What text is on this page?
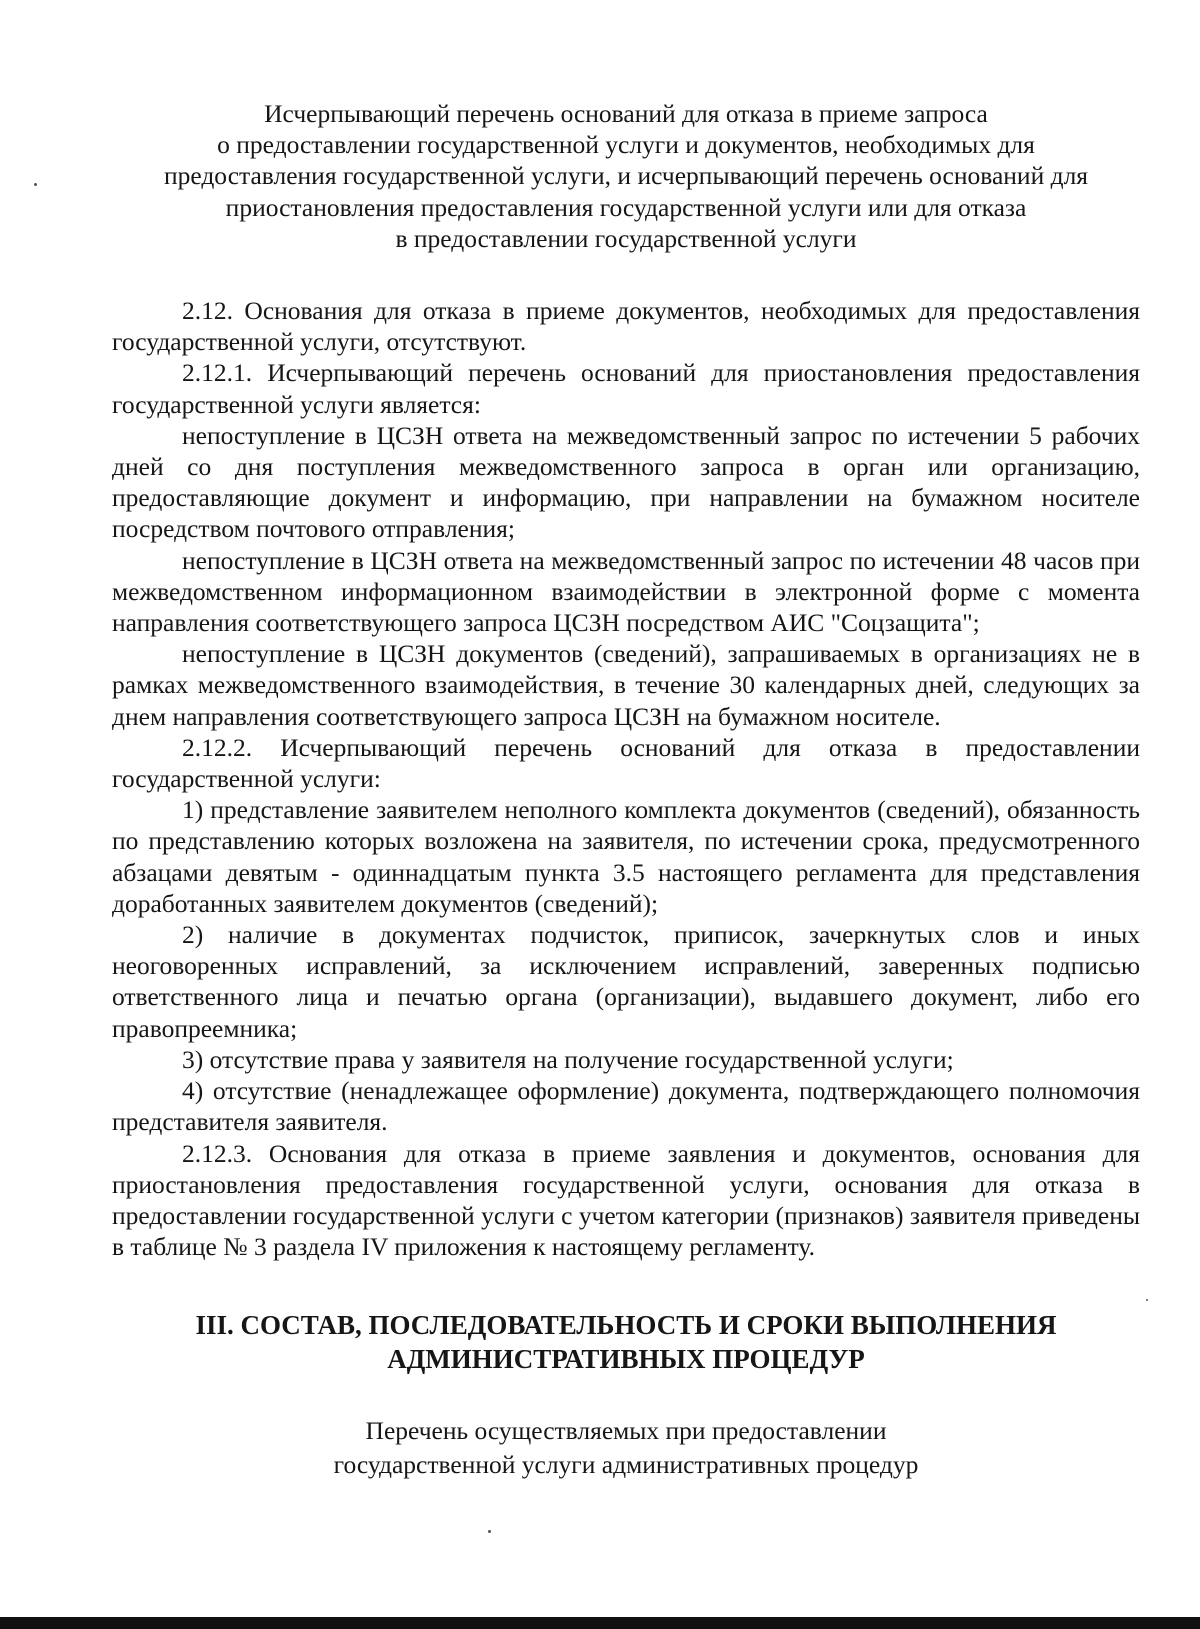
Исчерпывающий перечень оснований для отказа в приеме запроса
о предоставлении государственной услуги и документов, необходимых для
предоставления государственной услуги, и исчерпывающий перечень оснований для
приостановления предоставления государственной услуги или для отказа
в предоставлении государственной услуги

2.12. Основания для отказа в приеме документов, необходимых для предоставления государственной услуги, отсутствуют.

2.12.1. Исчерпывающий перечень оснований для приостановления предоставления государственной услуги является:

непоступление в ЦСЗН ответа на межведомственный запрос по истечении 5 рабочих дней со дня поступления межведомственного запроса в орган или организацию, предоставляющие документ и информацию, при направлении на бумажном носителе посредством почтового отправления;

непоступление в ЦСЗН ответа на межведомственный запрос по истечении 48 часов при межведомственном информационном взаимодействии в электронной форме с момента направления соответствующего запроса ЦСЗН посредством АИС "Соцзащита";

непоступление в ЦСЗН документов (сведений), запрашиваемых в организациях не в рамках межведомственного взаимодействия, в течение 30 календарных дней, следующих за днем направления соответствующего запроса ЦСЗН на бумажном носителе.

2.12.2. Исчерпывающий перечень оснований для отказа в предоставлении государственной услуги:

1) представление заявителем неполного комплекта документов (сведений), обязанность по представлению которых возложена на заявителя, по истечении срока, предусмотренного абзацами девятым - одиннадцатым пункта 3.5 настоящего регламента для представления доработанных заявителем документов (сведений);

2) наличие в документах подчисток, приписок, зачеркнутых слов и иных неоговоренных исправлений, за исключением исправлений, заверенных подписью ответственного лица и печатью органа (организации), выдавшего документ, либо его правопреемника;

3) отсутствие права у заявителя на получение государственной услуги;

4) отсутствие (ненадлежащее оформление) документа, подтверждающего полномочия представителя заявителя.

2.12.3. Основания для отказа в приеме заявления и документов, основания для приостановления предоставления государственной услуги, основания для отказа в предоставлении государственной услуги с учетом категории (признаков) заявителя приведены в таблице № 3 раздела IV приложения к настоящему регламенту.

III. СОСТАВ, ПОСЛЕДОВАТЕЛЬНОСТЬ И СРОКИ ВЫПОЛНЕНИЯ
АДМИНИСТРАТИВНЫХ ПРОЦЕДУР
Перечень осуществляемых при предоставлении
государственной услуги административных процедур
